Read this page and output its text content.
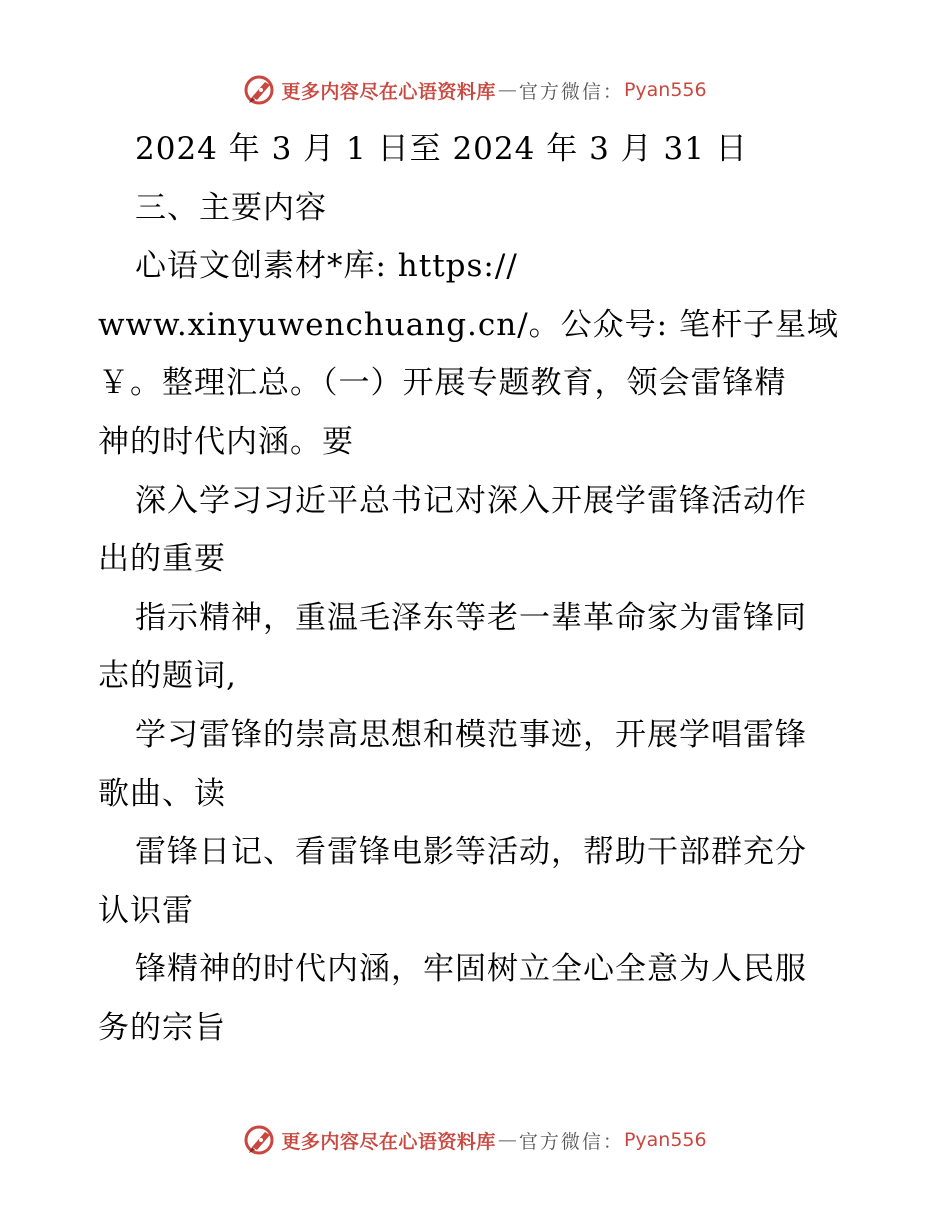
更多内容尽在心语资料库 — 官方微信： Pyan556
2024 年 3 月 1 日至 2024 年 3 月 31 日
三、主要内容
心语文创素材*库: https://
www.xinyuwenchuang.cn/。公众号: 笔杆子星域
￥。整理汇总。（一）开展专题教育，领会雷锋精
神的时代内涵。要
深入学习习近平总书记对深入开展学雷锋活动作
出的重要
指示精神，重温毛泽东等老一辈革命家为雷锋同
志的题词,
学习雷锋的崇高思想和模范事迹，开展学唱雷锋
歌曲、读
雷锋日记、看雷锋电影等活动，帮助干部群充分
认识雷
锋精神的时代内涵，牢固树立全心全意为人民服
务的宗旨
更多内容尽在心语资料库 — 官方微信： Pyan556
